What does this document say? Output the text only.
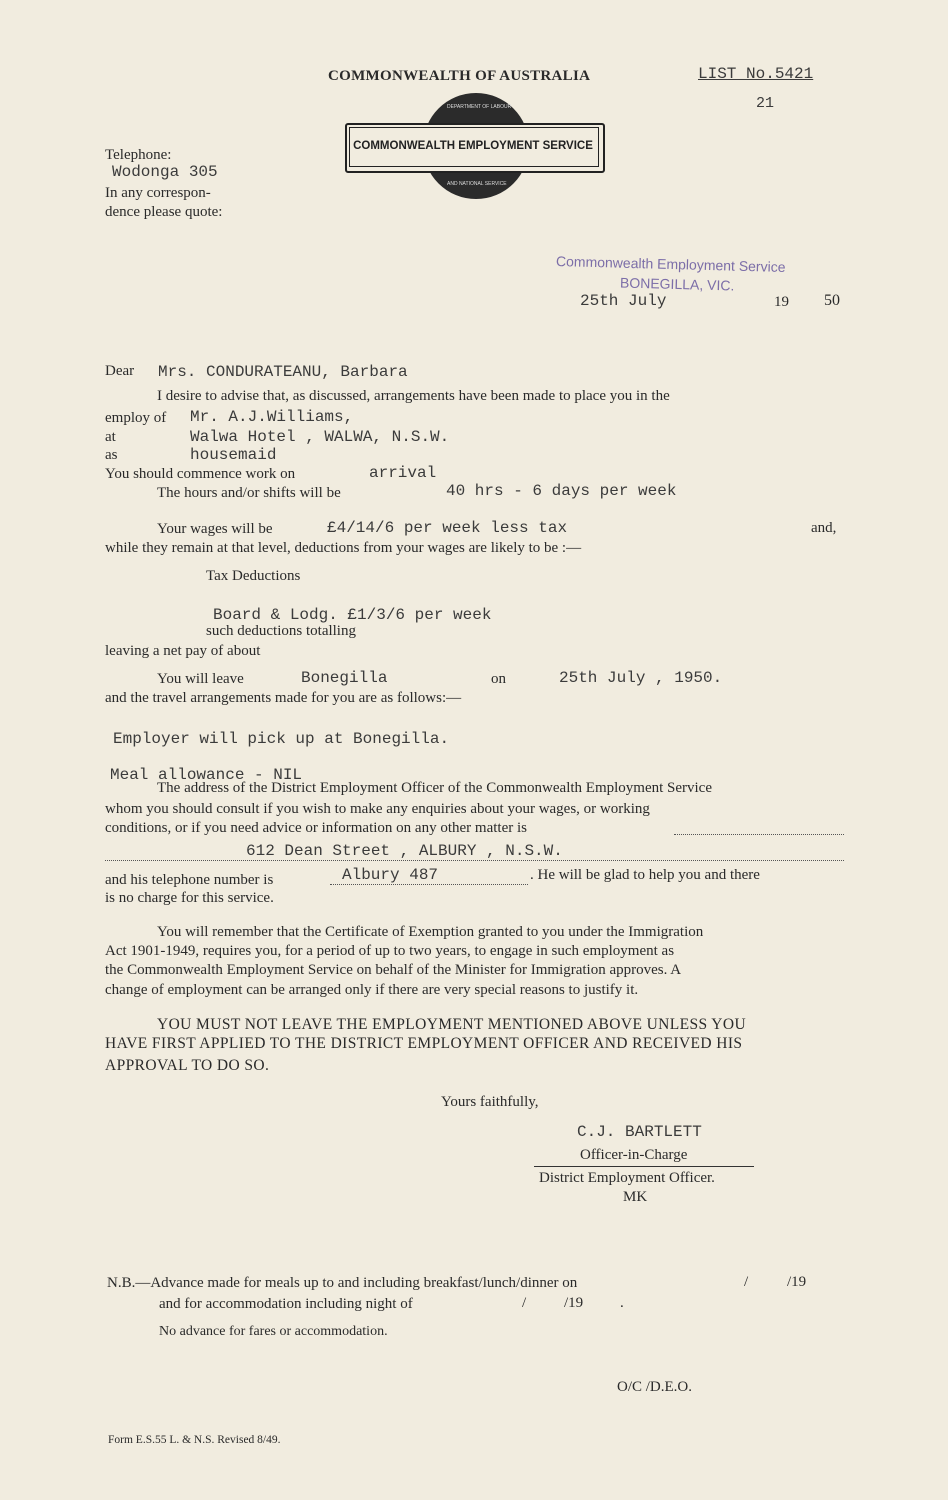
COMMONWEALTH OF AUSTRALIA	LIST No.5421
21
COMMONWEALTH EMPLOYMENT SERVICE
DEPARTMENT OF LABOUR
AND NATIONAL SERVICE
Telephone:
Wodonga 305
In any correspon-
dence please quote:
Commonwealth Employment Service
BONEGILLA, VIC.
25th July	19 50
Dear Mrs. CONDURATEANU, Barbara
I desire to advise that, as discussed, arrangements have been made to place you in the
employ of Mr. A.J.Williams,
at	Walwa Hotel , WALWA, N.S.W.
as	housemaid
You should commence work on	arrival
The hours and/or shifts will be	40 hrs - 6 days per week
Your wages will be	£4/14/6 per week less tax	and,
while they remain at that level, deductions from your wages are likely to be :—
Tax Deductions
Board & Lodg. £1/3/6 per week
such deductions totalling
leaving a net pay of about
You will leave	Bonegilla	on	25th July , 1950.
and the travel arrangements made for you are as follows:—
Employer will pick up at Bonegilla.
Meal allowance - NIL
The address of the District Employment Officer of the Commonwealth Employment Service
whom you should consult if you wish to make any enquiries about your wages, or working
conditions, or if you need advice or information on any other matter is
612 Dean Street , ALBURY , N.S.W.
and his telephone number is	Albury 487	. He will be glad to help you and there
is no charge for this service.
You will remember that the Certificate of Exemption granted to you under the Immigration
Act 1901-1949, requires you, for a period of up to two years, to engage in such employment as
the Commonwealth Employment Service on behalf of the Minister for Immigration approves. A
change of employment can be arranged only if there are very special reasons to justify it.
YOU MUST NOT LEAVE THE EMPLOYMENT MENTIONED ABOVE UNLESS YOU
HAVE FIRST APPLIED TO THE DISTRICT EMPLOYMENT OFFICER AND RECEIVED HIS
APPROVAL TO DO SO.
Yours faithfully,
C.J. BARTLETT
Officer-in-Charge
District Employment Officer.
MK
N.B.—Advance made for meals up to and including breakfast/lunch/dinner on	/	/19
and for accommodation including night of	/	/19 .
No advance for fares or accommodation.
O/C /D.E.O.
Form E.S.55 L. & N.S. Revised 8/49.
